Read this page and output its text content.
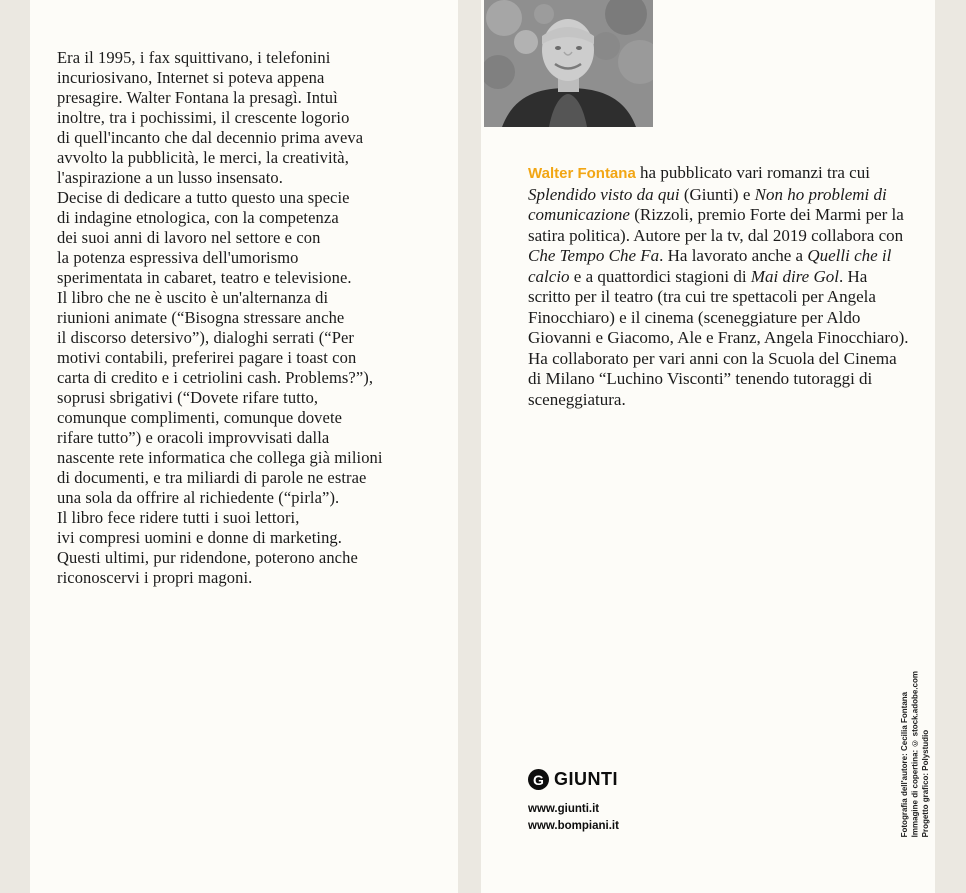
Era il 1995, i fax squittivano, i telefonini
incuriosivano, Internet si poteva appena
presagire. Walter Fontana la presagì. Intuì
inoltre, tra i pochissimi, il crescente logorio
di quell'incanto che dal decennio prima aveva
avvolto la pubblicità, le merci, la creatività,
l'aspirazione a un lusso insensato.
Decise di dedicare a tutto questo una specie
di indagine etnologica, con la competenza
dei suoi anni di lavoro nel settore e con
la potenza espressiva dell'umorismo
sperimentata in cabaret, teatro e televisione.
Il libro che ne è uscito è un'alternanza di
riunioni animate (“Bisogna stressare anche
il discorso detersivo”), dialoghi serrati (“Per
motivi contabili, preferirei pagare i toast con
carta di credito e i cetriolini cash. Problems?”),
soprusi sbrigativi (“Dovete rifare tutto,
comunque complimenti, comunque dovete
rifare tutto”) e oracoli improvvisati dalla
nascente rete informatica che collega già milioni
di documenti, e tra miliardi di parole ne estrae
una sola da offrire al richiedente (“pirla”).
Il libro fece ridere tutti i suoi lettori,
ivi compresi uomini e donne di marketing.
Questi ultimi, pur ridendone, poterono anche
riconoscervi i propri magoni.

Walter Fontana ha pubblicato vari romanzi tra cui Splendido visto da qui (Giunti) e Non ho problemi di comunicazione (Rizzoli, premio Forte dei Marmi per la satira politica). Autore per la tv, dal 2019 collabora con Che Tempo Che Fa. Ha lavorato anche a Quelli che il calcio e a quattordici stagioni di Mai dire Gol. Ha scritto per il teatro (tra cui tre spettacoli per Angela Finocchiaro) e il cinema (sceneggiature per Aldo Giovanni e Giacomo, Ale e Franz, Angela Finocchiaro). Ha collaborato per vari anni con la Scuola del Cinema di Milano “Luchino Visconti” tenendo tutoraggi di sceneggiatura.

G GIUNTI
www.giunti.it
www.bompiani.it	Fotografia dell'autore: Cecilia Fontana Immagine di copertina: © stock.adobe.com Progetto grafico: Polystudio
